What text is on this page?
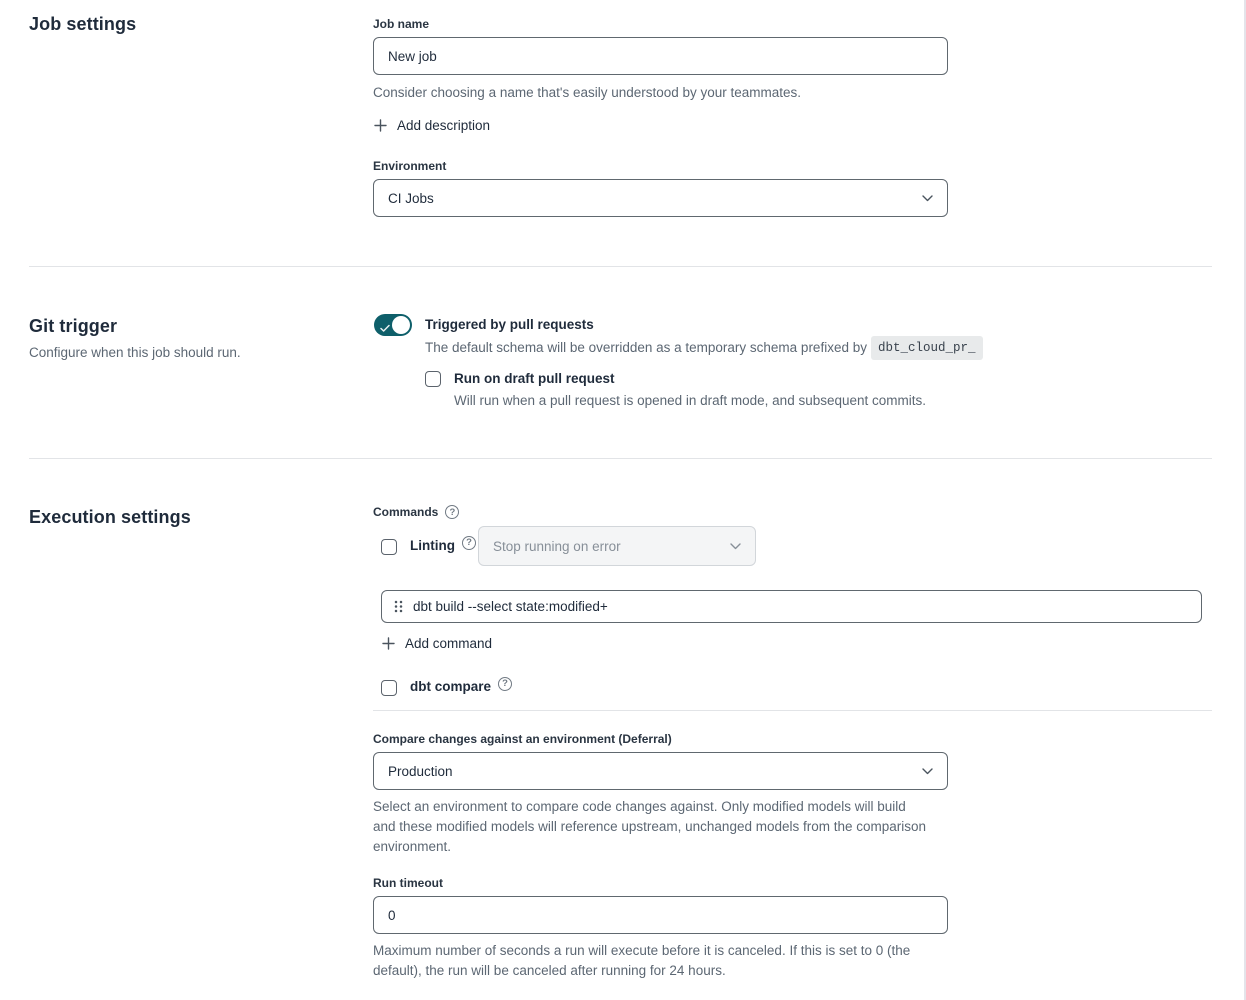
Job settings	Job name
New job
Consider choosing a name that's easily understood by your teammates.
Add description
Environment
CI Jobs
Git trigger
Configure when this job should run.
Triggered by pull requests
The default schema will be overridden as a temporary schema prefixed by dbt_cloud_pr_
Run on draft pull request
Will run when a pull request is opened in draft mode, and subsequent commits.
Execution settings	Commands	?
Linting	?	Stop running on error
dbt build --select state:modified+
Add command
dbt compare	?
Compare changes against an environment (Deferral)
Production
Select an environment to compare code changes against. Only modified models will build and these modified models will reference upstream, unchanged models from the comparison environment.
Run timeout
0
Maximum number of seconds a run will execute before it is canceled. If this is set to 0 (the default), the run will be canceled after running for 24 hours.
